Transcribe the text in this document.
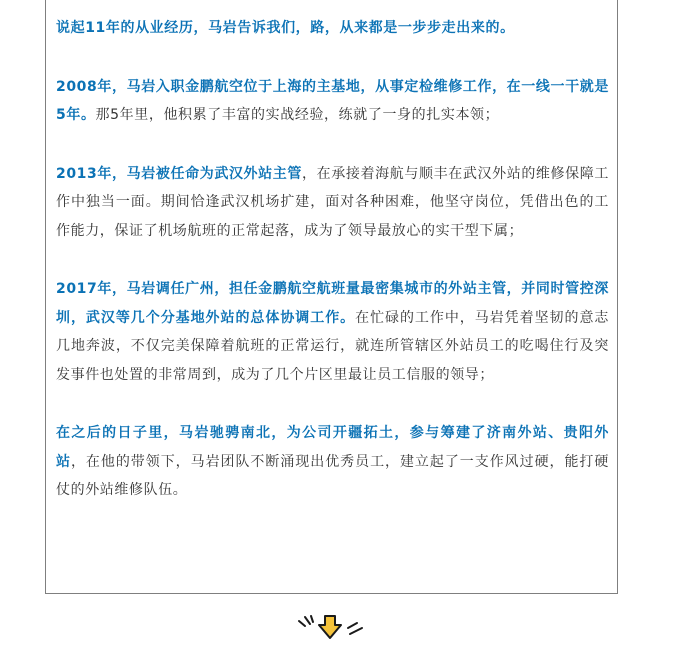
说起11年的从业经历，马岩告诉我们，路，从来都是一步步走出来的。

2008年，马岩入职金鹏航空位于上海的主基地，从事定检维修工作，在一线一干就是5年。那5年里，他积累了丰富的实战经验，练就了一身的扎实本领；

2013年，马岩被任命为武汉外站主管，在承接着海航与顺丰在武汉外站的维修保障工作中独当一面。期间恰逢武汉机场扩建，面对各种困难，他坚守岗位，凭借出色的工作能力，保证了机场航班的正常起落，成为了领导最放心的实干型下属；

2017年，马岩调任广州，担任金鹏航空航班量最密集城市的外站主管，并同时管控深圳，武汉等几个分基地外站的总体协调工作。在忙碌的工作中，马岩凭着坚韧的意志几地奔波，不仅完美保障着航班的正常运行，就连所管辖区外站员工的吃喝住行及突发事件也处置的非常周到，成为了几个片区里最让员工信服的领导；

在之后的日子里，马岩驰骋南北，为公司开疆拓土，参与筹建了济南外站、贵阳外站，在他的带领下，马岩团队不断涌现出优秀员工，建立起了一支作风过硬，能打硬仗的外站维修队伍。
